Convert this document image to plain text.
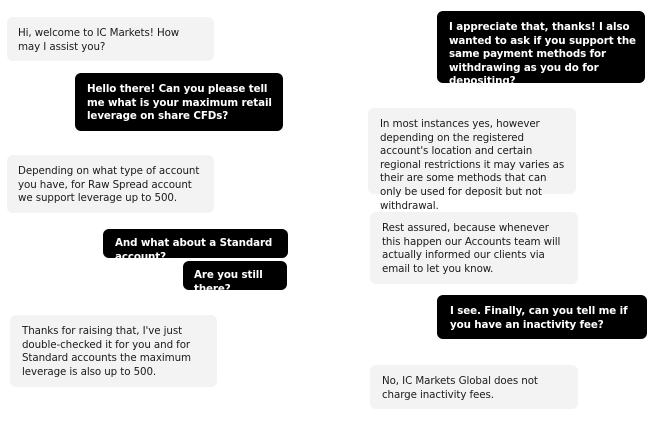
Hi, welcome to IC Markets! How may I assist you?
Hello there! Can you please tell me what is your maximum retail leverage on share CFDs?
Depending on what type of account you have, for Raw Spread account we support leverage up to 500.
And what about a Standard account?
Are you still there?
Thanks for raising that, I've just double-checked it for you and for Standard accounts the maximum leverage is also up to 500.
I appreciate that, thanks! I also wanted to ask if you support the same payment methods for withdrawing as you do for depositing?
In most instances yes, however depending on the registered account's location and certain regional restrictions it may varies as their are some methods that can only be used for deposit but not withdrawal.
Rest assured, because whenever this happen our Accounts team will actually informed our clients via email to let you know.
I see. Finally, can you tell me if you have an inactivity fee?
No, IC Markets Global does not charge inactivity fees.
